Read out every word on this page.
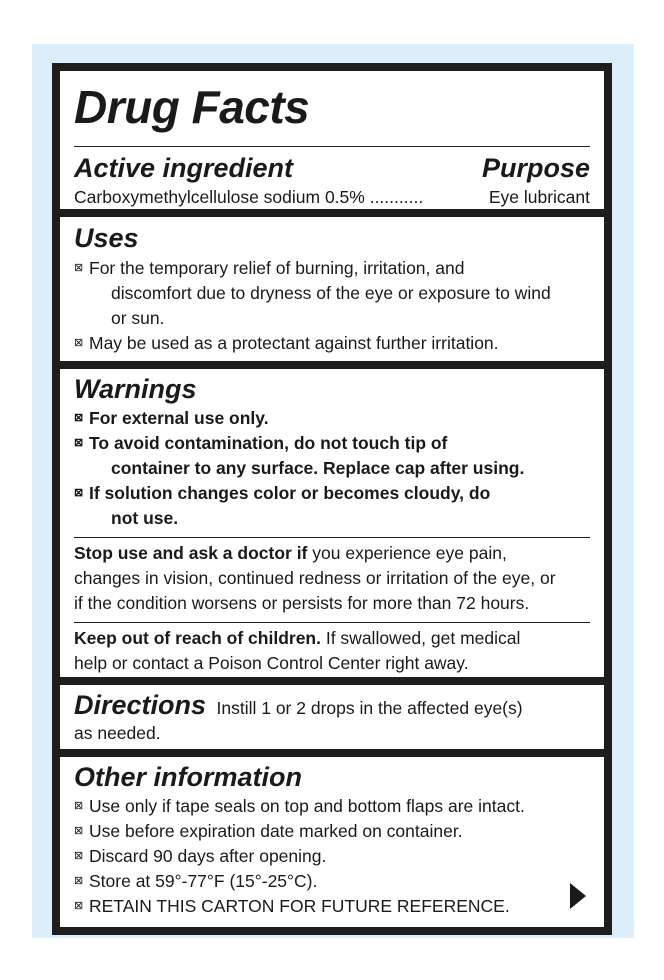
Drug Facts
Active ingredient	Purpose
Carboxymethylcellulose sodium 0.5% ...........	Eye lubricant
Uses
⊠ For the temporary relief of burning, irritation, and
discomfort due to dryness of the eye or exposure to wind
or sun.
⊠ May be used as a protectant against further irritation.
Warnings
⊠ For external use only.
⊠ To avoid contamination, do not touch tip of
container to any surface. Replace cap after using.
⊠ If solution changes color or becomes cloudy, do
not use.
Stop use and ask a doctor if you experience eye pain,
changes in vision, continued redness or irritation of the eye, or
if the condition worsens or persists for more than 72 hours.
Keep out of reach of children. If swallowed, get medical
help or contact a Poison Control Center right away.
Directions Instill 1 or 2 drops in the affected eye(s)
as needed.
Other information
⊠ Use only if tape seals on top and bottom flaps are intact.
⊠ Use before expiration date marked on container.
⊠ Discard 90 days after opening.
⊠ Store at 59°-77°F (15°-25°C).
⊠ RETAIN THIS CARTON FOR FUTURE REFERENCE.
